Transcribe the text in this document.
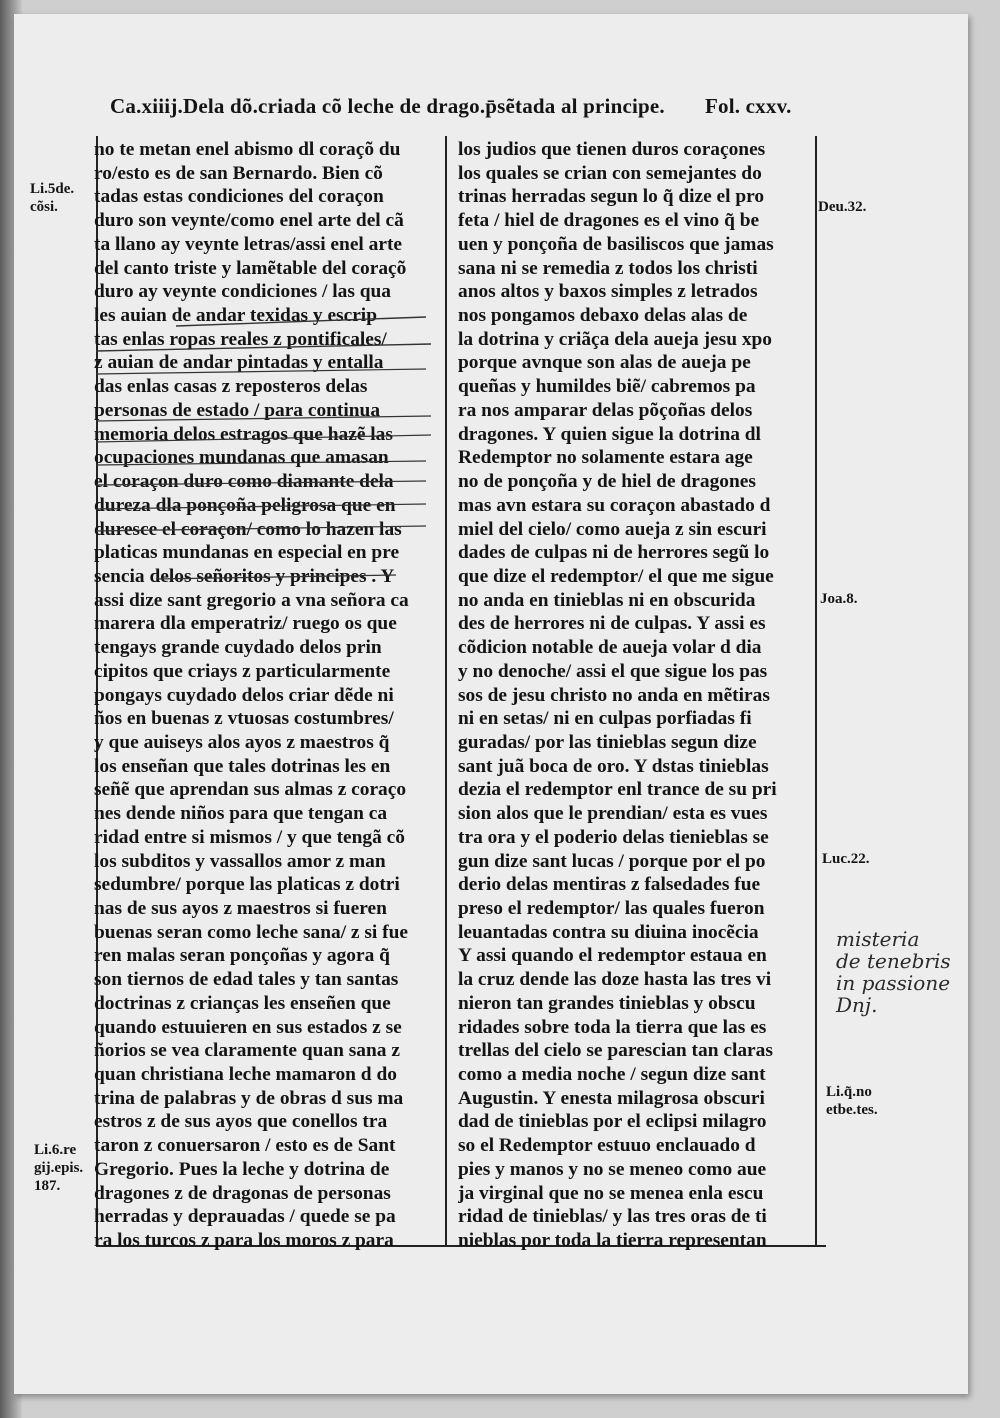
Ca.xiiij.Dela dõ.criada cõ leche de drago.p̄sẽtada al principe. Fol. cxxv.
no te metan enel abismo dl coraçõ du
ro/esto es de san Bernardo. Bien cõ
tadas estas condiciones del coraçon
duro son veynte/como enel arte del cã
ta llano ay veynte letras/assi enel arte
del canto triste y lamẽtable del coraçõ
duro ay veynte condiciones / las qua
les auian de andar texidas y escrip
tas enlas ropas reales z pontificales/
z auian de andar pintadas y entalla
das enlas casas z reposteros delas
personas de estado / para continua
memoria delos estragos que hazẽ las
ocupaciones mundanas que amasan
el coraçon duro como diamante dela
dureza dla ponçoña peligrosa que en
duresce el coraçon/ como lo hazen las
platicas mundanas en especial en pre
sencia delos señoritos y principes . Y
assi dize sant gregorio a vna señora ca
marera dla emperatriz/ ruego os que
tengays grande cuydado delos prin
cipitos que criays z particularmente
pongays cuydado delos criar dẽde ni
ños en buenas z vtuosas costumbres/
y que auiseys alos ayos z maestros q̃
los enseñan que tales dotrinas les en
señẽ que aprendan sus almas z coraço
nes dende niños para que tengan ca
ridad entre si mismos / y que tengã cõ
los subditos y vassallos amor z man
sedumbre/ porque las platicas z dotri
nas de sus ayos z maestros si fueren
buenas seran como leche sana/ z si fue
ren malas seran ponçoñas y agora q̃
son tiernos de edad tales y tan santas
doctrinas z crianças les enseñen que
quando estuuieren en sus estados z se
ñorios se vea claramente quan sana z
quan christiana leche mamaron d do
trina de palabras y de obras d sus ma
estros z de sus ayos que conellos tra
taron z conuersaron / esto es de Sant
Gregorio. Pues la leche y dotrina de
dragones z de dragonas de personas
herradas y deprauadas / quede se pa
ra los turcos z para los moros z para
los judios que tienen duros coraçones
los quales se crian con semejantes do
trinas herradas segun lo q̃ dize el pro
feta / hiel de dragones es el vino q̃ be
uen y ponçoña de basiliscos que jamas
sana ni se remedia z todos los christi
anos altos y baxos simples z letrados
nos pongamos debaxo delas alas de
la dotrina y criãça dela aueja jesu xpo
porque avnque son alas de aueja pe
queñas y humildes biẽ/ cabremos pa
ra nos amparar delas põçoñas delos
dragones. Y quien sigue la dotrina dl
Redemptor no solamente estara age
no de ponçoña y de hiel de dragones
mas avn estara su coraçon abastado d
miel del cielo/ como aueja z sin escuri
dades de culpas ni de herrores segũ lo
que dize el redemptor/ el que me sigue
no anda en tinieblas ni en obscurida
des de herrores ni de culpas. Y assi es
cõdicion notable de aueja volar d dia
y no denoche/ assi el que sigue los pas
sos de jesu christo no anda en mẽtiras
ni en setas/ ni en culpas porfiadas fi
guradas/ por las tinieblas segun dize
sant juã boca de oro. Y dstas tinieblas
dezia el redemptor enl trance de su pri
sion alos que le prendian/ esta es vues
tra ora y el poderio delas tienieblas se
gun dize sant lucas / porque por el po
derio delas mentiras z falsedades fue
preso el redemptor/ las quales fueron
leuantadas contra su diuina inocẽcia
Y assi quando el redemptor estaua en
la cruz dende las doze hasta las tres vi
nieron tan grandes tinieblas y obscu
ridades sobre toda la tierra que las es
trellas del cielo se parescian tan claras
como a media noche / segun dize sant
Augustin. Y enesta milagrosa obscuri
dad de tinieblas por el eclipsi milagro
so el Redemptor estuuo enclauado d
pies y manos y no se meneo como aue
ja virginal que no se menea enla escu
ridad de tinieblas/ y las tres oras de ti
nieblas por toda la tierra representan
Li.5de.
cõsi.
Li.6.re
gij.epis.
187.
Deu.32.
Joa.8.
Luc.22.
Li.q̃.no
etbe.tes.
misteria
de tenebris
in passione
Dnj.
